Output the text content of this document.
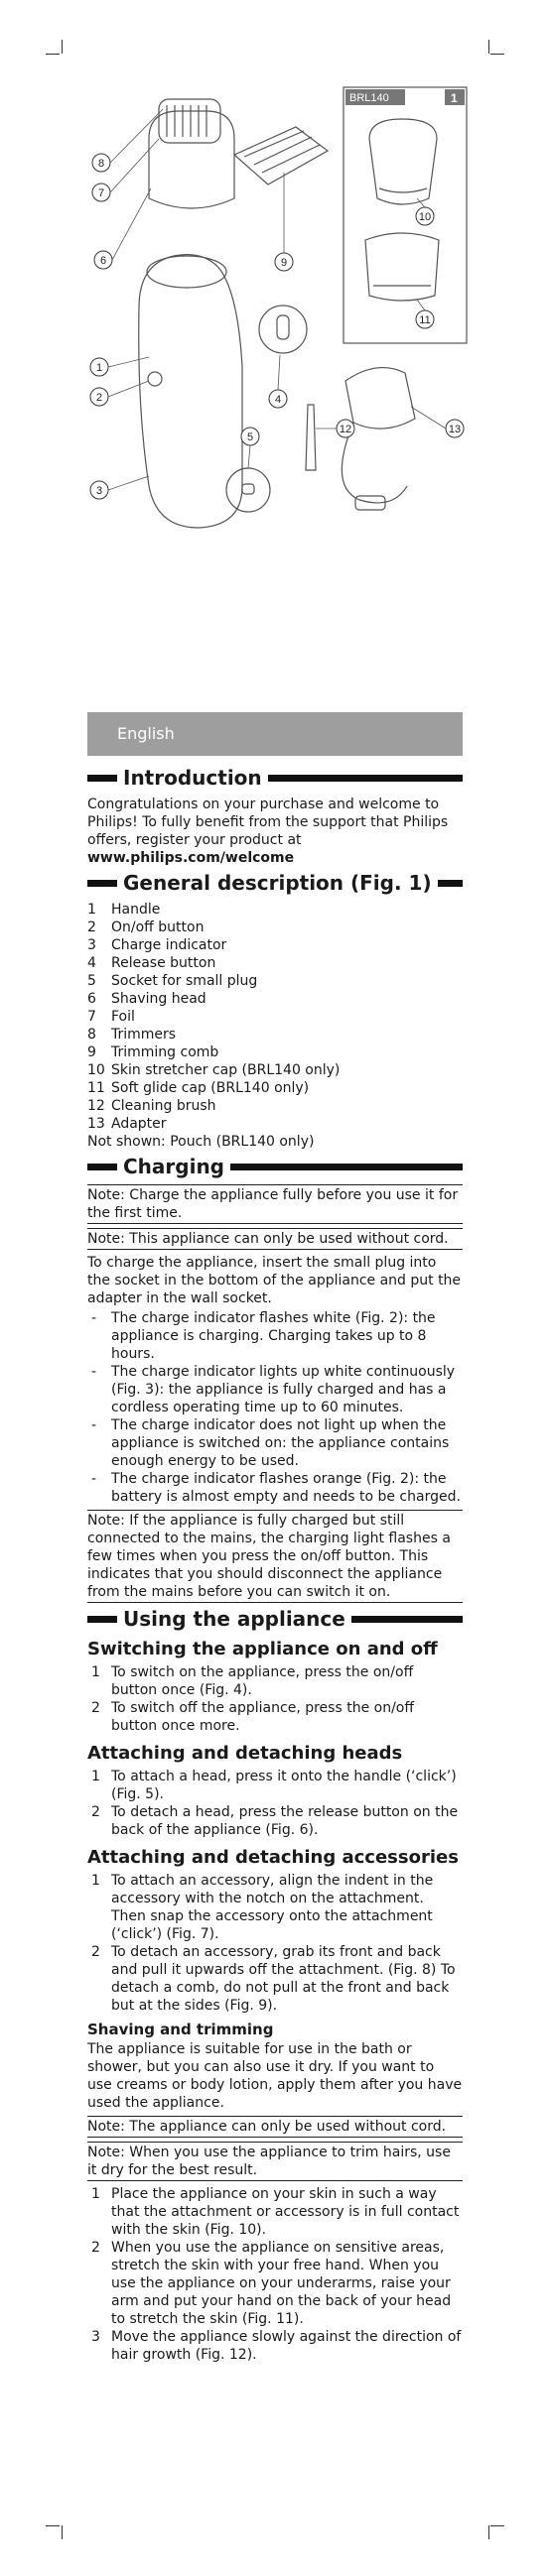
BRL140	1
1
2
3
4
5
6
7
8
9
10
11
12	13
English
Introduction

Congratulations on your purchase and welcome to Philips! To fully benefit from the support that Philips offers, register your product at
www.philips.com/welcome

General description (Fig. 1)
1	Handle
2	On/off button
3	Charge indicator
4	Release button
5	Socket for small plug
6	Shaving head
7	Foil
8	Trimmers
9	Trimming comb
10 Skin stretcher cap (BRL140 only)
11 Soft glide cap (BRL140 only)
12 Cleaning brush
13 Adapter

Not shown: Pouch (BRL140 only)

Charging
Note: Charge the appliance fully before you use it for the first time.
Note: This appliance can only be used without cord.

To charge the appliance, insert the small plug into the socket in the bottom of the appliance and put the adapter in the wall socket.

-	The charge indicator flashes white (Fig. 2): the appliance is charging. Charging takes up to 8 hours.
-	The charge indicator lights up white continuously (Fig. 3): the appliance is fully charged and has a cordless operating time up to 60 minutes.
-	The charge indicator does not light up when the appliance is switched on: the appliance contains enough energy to be used.
-	The charge indicator flashes orange (Fig. 2): the battery is almost empty and needs to be charged.
Note: If the appliance is fully charged but still connected to the mains, the charging light flashes a few times when you press the on/off button. This indicates that you should disconnect the appliance from the mains before you can switch it on.
Using the appliance
Switching the appliance on and off
1 To switch on the appliance, press the on/off button once (Fig. 4).
2 To switch off the appliance, press the on/off button once more.
Attaching and detaching heads
1 To attach a head, press it onto the handle (‘click’) (Fig. 5).
2 To detach a head, press the release button on the back of the appliance (Fig. 6).
Attaching and detaching accessories
1 To attach an accessory, align the indent in the accessory with the notch on the attachment. Then snap the accessory onto the attachment (‘click’) (Fig. 7).
2 To detach an accessory, grab its front and back and pull it upwards off the attachment. (Fig. 8) To detach a comb, do not pull at the front and back but at the sides (Fig. 9).
Shaving and trimming

The appliance is suitable for use in the bath or shower, but you can also use it dry. If you want to use creams or body lotion, apply them after you have used the appliance.

Note: The appliance can only be used without cord.
Note: When you use the appliance to trim hairs, use it dry for the best result.
1 Place the appliance on your skin in such a way that the attachment or accessory is in full contact with the skin (Fig. 10).
2 When you use the appliance on sensitive areas, stretch the skin with your free hand. When you use the appliance on your underarms, raise your arm and put your hand on the back of your head to stretch the skin (Fig. 11).
3 Move the appliance slowly against the direction of hair growth (Fig. 12).
